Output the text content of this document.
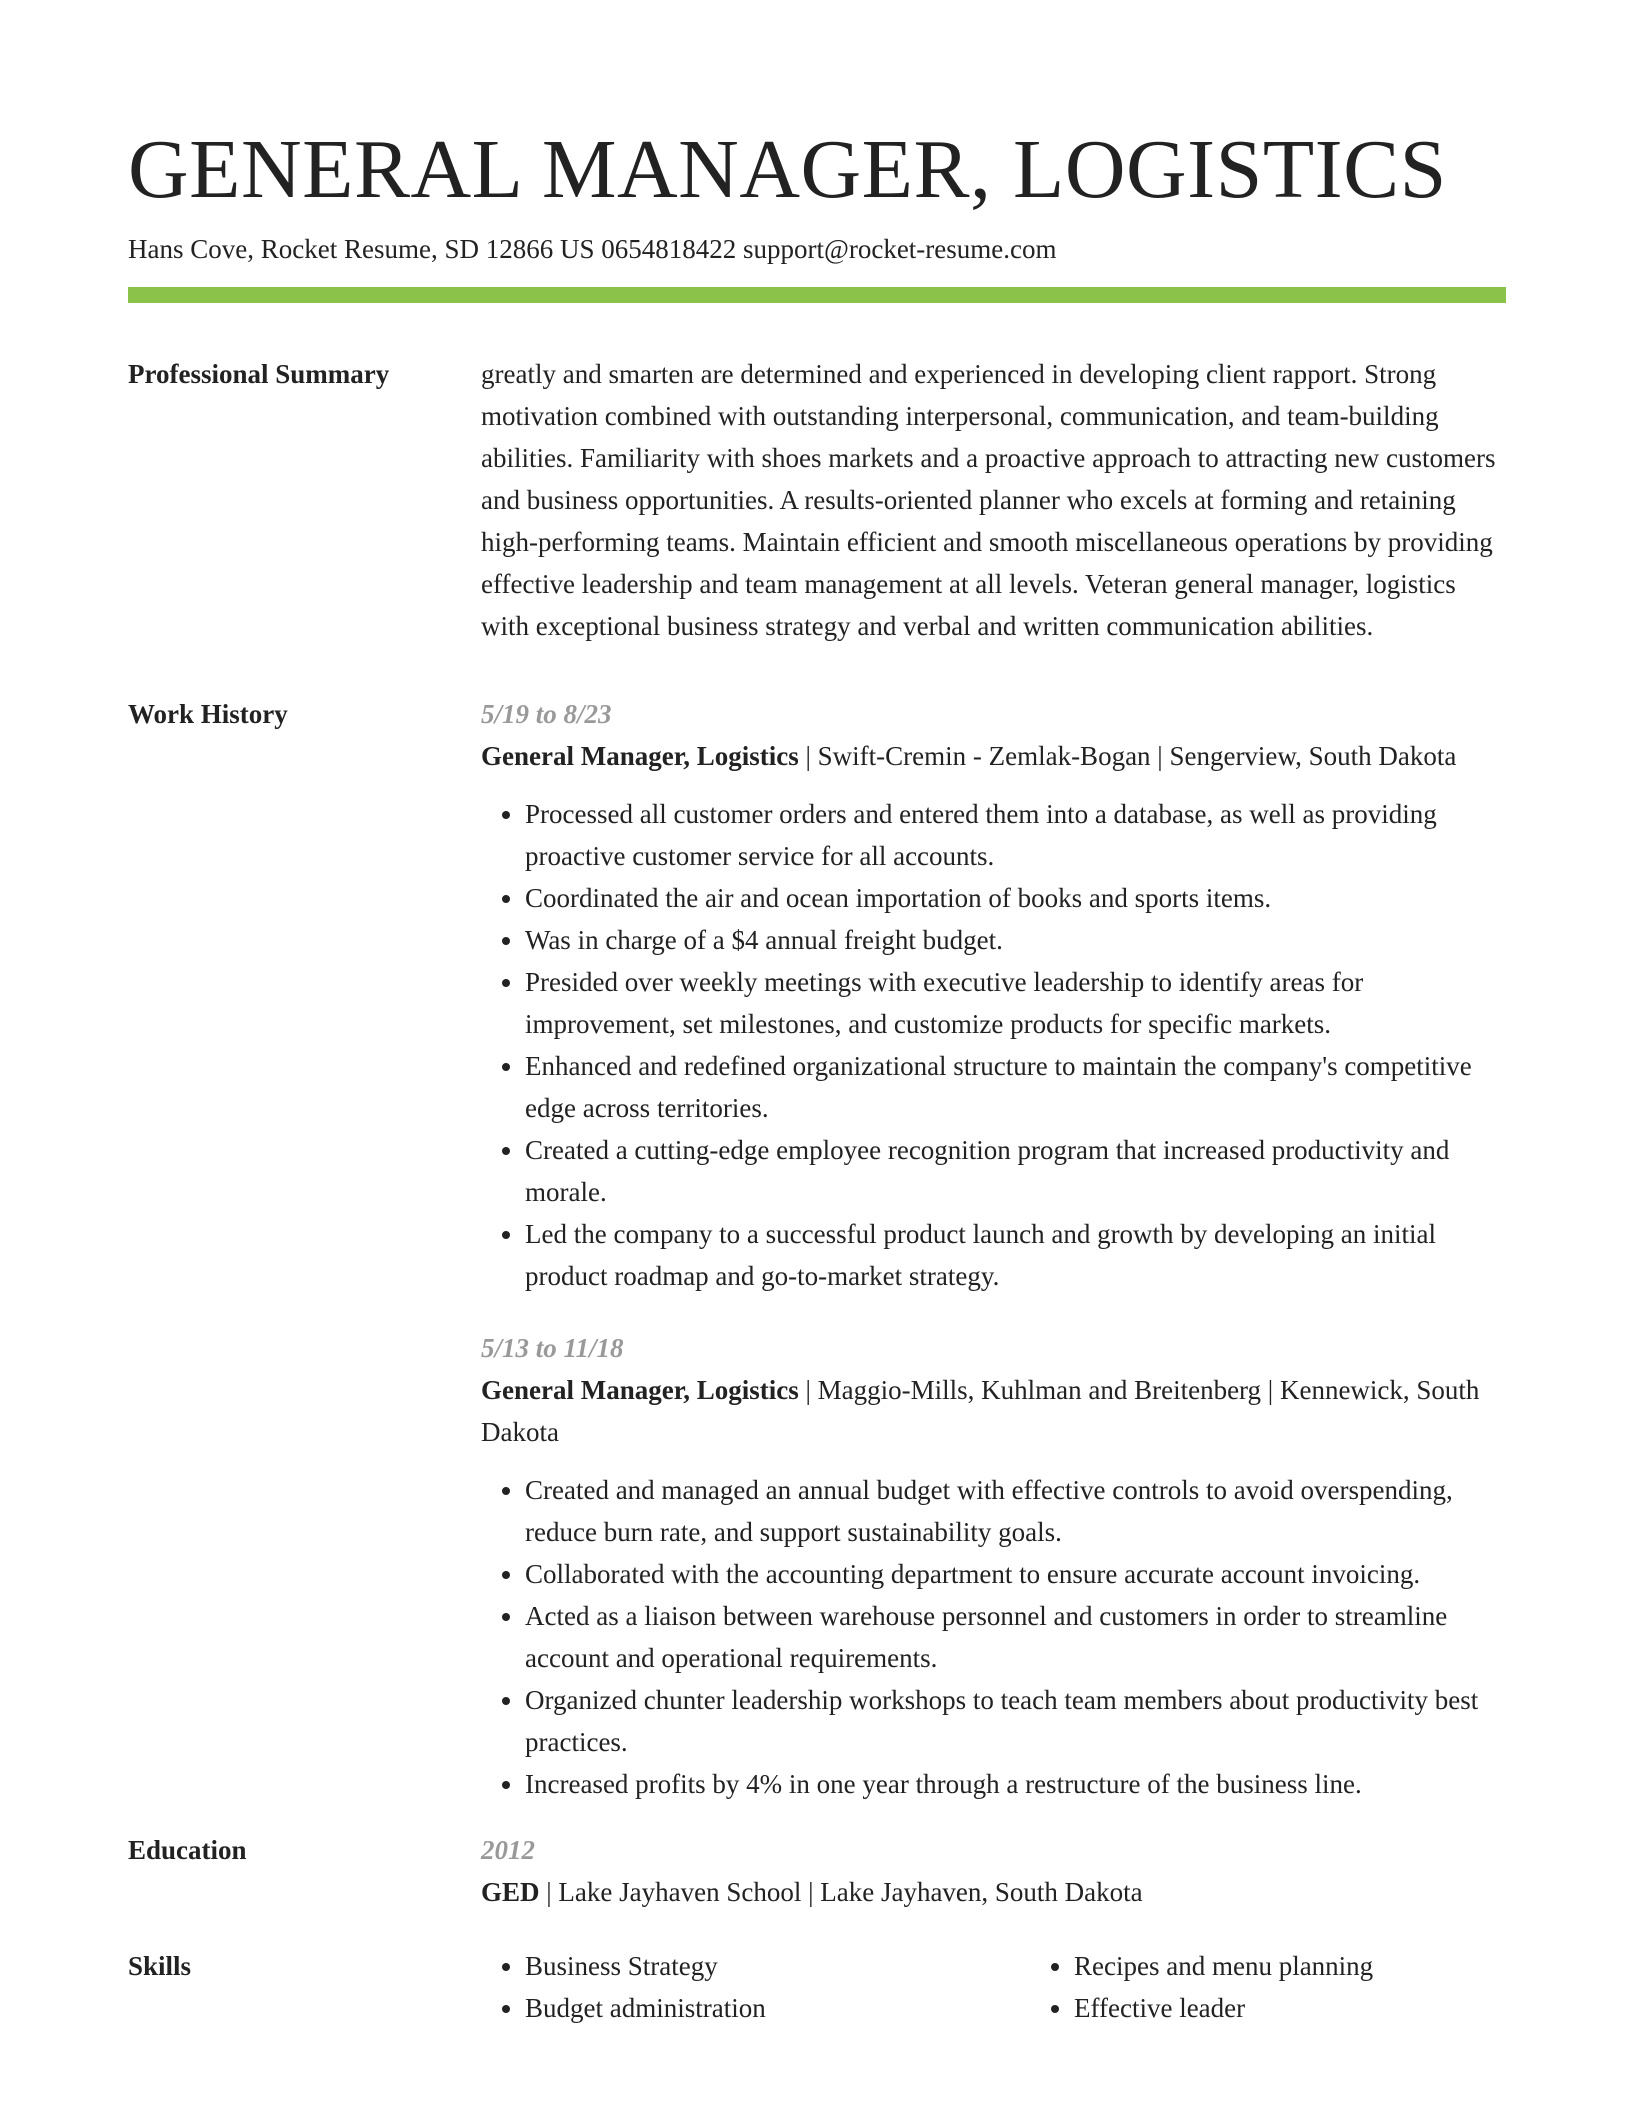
GENERAL MANAGER, LOGISTICS
Hans Cove, Rocket Resume, SD 12866 US 0654818422 support@rocket-resume.com
Professional Summary	greatly and smarten are determined and experienced in developing client rapport. Strong motivation combined with outstanding interpersonal, communication, and team-building abilities. Familiarity with shoes markets and a proactive approach to attracting new customers and business opportunities. A results-oriented planner who excels at forming and retaining high-performing teams. Maintain efficient and smooth miscellaneous operations by providing effective leadership and team management at all levels. Veteran general manager, logistics with exceptional business strategy and verbal and written communication abilities.

Work History	5/19 to 8/23
General Manager, Logistics | Swift-Cremin - Zemlak-Bogan | Sengerview, South Dakota
• Processed all customer orders and entered them into a database, as well as providing proactive customer service for all accounts.
• Coordinated the air and ocean importation of books and sports items.
• Was in charge of a $4 annual freight budget.
• Presided over weekly meetings with executive leadership to identify areas for improvement, set milestones, and customize products for specific markets.
• Enhanced and redefined organizational structure to maintain the company's competitive edge across territories.
• Created a cutting-edge employee recognition program that increased productivity and morale.
• Led the company to a successful product launch and growth by developing an initial product roadmap and go-to-market strategy.
5/13 to 11/18
General Manager, Logistics | Maggio-Mills, Kuhlman and Breitenberg | Kennewick, South Dakota
• Created and managed an annual budget with effective controls to avoid overspending, reduce burn rate, and support sustainability goals.
• Collaborated with the accounting department to ensure accurate account invoicing.
• Acted as a liaison between warehouse personnel and customers in order to streamline account and operational requirements.
• Organized chunter leadership workshops to teach team members about productivity best practices.
• Increased profits by 4% in one year through a restructure of the business line.
Education	2012
GED | Lake Jayhaven School | Lake Jayhaven, South Dakota
Skills
•	Business Strategy
• Budget administration
• Recipes and menu planning
• Effective leader
